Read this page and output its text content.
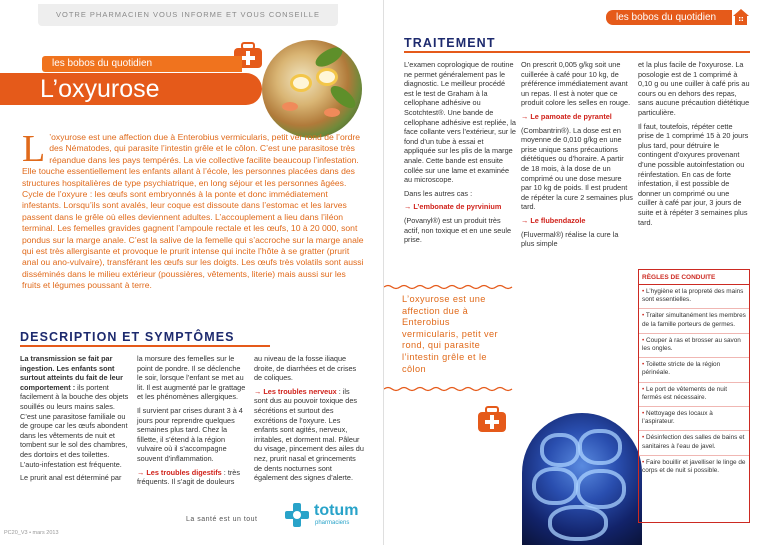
VOTRE PHARMACIEN VOUS INFORME ET VOUS CONSEILLE
les bobos du quotidien
L’oxyurose
L ’oxyurose est une affection due à Enterobius vermicularis, petit ver rond de l’ordre des Nématodes, qui parasite l’intestin grêle et le côlon. C’est une parasitose très répandue dans les pays tempérés. La vie collective facilite beaucoup l’infestation. Elle touche essentiellement les enfants allant à l’école, les personnes placées dans des structures hospitalières de type psychiatrique, en long séjour et les personnes âgées. Cycle de l’oxyure : les œufs sont embryonnés à la ponte et donc immédiatement infestants. Lorsqu’ils sont avalés, leur coque est dissoute dans l’estomac et les larves passent dans le grêle où elles deviennent adultes. L’accouplement a lieu dans l’iléon terminal. Les femelles gravides gagnent l’ampoule rectale et les œufs, 10 à 20 000, sont pondus sur la marge anale. C’est la salive de la femelle qui s’accroche sur la marge anale qui est très allergisante et provoque le prurit intense qui incite l’hôte à se gratter (prurit anal ou ano-vulvaire), transférant les œufs sur les doigts. Les œufs très volatils sont aussi disséminés dans le milieu extérieur (poussières, vêtements, literie) mais aussi sur les fruits et légumes poussant à terre.
DESCRIPTION ET SYMPTÔMES

La transmission se fait par ingestion. Les enfants sont surtout atteints du fait de leur comportement : ils portent facilement à la bouche des objets souillés ou leurs mains sales. C’est une parasitose familiale ou de groupe car les œufs abondent dans les vêtements de nuit et tombent sur le sol des chambres, des dortoirs et des toilettes. L’auto-infestation est fréquente.

Le prurit anal est déterminé par

la morsure des femelles sur le point de pondre. Il se déclenche le soir, lorsque l’enfant se met au lit. Il est augmenté par le grattage et les phénomènes allergiques.

Il survient par crises durant 3 à 4 jours pour reprendre quelques semaines plus tard. Chez la fillette, il s’étend à la région vulvaire où il s’accompagne souvent d’inflammation.

→ Les troubles digestifs : très fréquents. Il s’agit de douleurs

au niveau de la fosse iliaque droite, de diarrhées et de crises de coliques.

→ Les troubles nerveux : ils sont dus au pouvoir toxique des sécrétions et surtout des excrétions de l’oxyure. Les enfants sont agités, nerveux, irritables, et dorment mal. Pâleur du visage, pincement des ailes du nez, prurit nasal et grincements de dents nocturnes sont également des signes d’alerte.

PC20_V3 • mars 2013
La santé est un tout
totum
pharmaciens
les bobos du quotidien
TRAITEMENT

L’examen coprologique de routine ne permet généralement pas le diagnostic. Le meilleur procédé est le test de Graham à la cellophane adhésive ou Scotchtest®. Une bande de cellophane adhésive est repliée, la face collante vers l’extérieur, sur le fond d’un tube à essai et appliquée sur les plis de la marge anale. Cette bande est ensuite collée sur une lame et examinée au microscope.

Dans les autres cas :

→ L’embonate de pyrvinium

(Povanyl®) est un produit très actif, non toxique et en une seule prise.

On prescrit 0,005 g/kg soit une cuillerée à café pour 10 kg, de préférence immédiatement avant un repas. Il est à noter que ce produit colore les selles en rouge.

→ Le pamoate de pyrantel

(Combantrin®). La dose est en moyenne de 0,010 g/kg en une prise unique sans précautions diététiques ou d’horaire. A partir de 18 mois, à la dose de un comprimé ou une dose mesure par 10 kg de poids. Il est prudent de répéter la cure 2 semaines plus tard.

→ Le flubendazole

(Fluvermal®) réalise la cure la plus simple

et la plus facile de l’oxyurose. La posologie est de 1 comprimé à 0,10 g ou une cuiller à café pris au cours ou en dehors des repas, sans aucune précaution diététique particulière.

Il faut, toutefois, répéter cette prise de 1 comprimé 15 à 20 jours plus tard, pour détruire le contingent d’oxyures provenant d’une possible autoinfestation ou réinfestation. En cas de forte infestation, il est possible de donner un comprimé ou une cuiller à café par jour, 3 jours de suite et à répéter 3 semaines plus tard.

L’oxyurose est une affection due à Enterobius vermicularis, petit ver rond, qui parasite l’intestin grêle et le côlon
RÈGLES DE CONDUITE
• L’hygiène et la propreté des mains sont essentielles.
• Traiter simultanément les membres de la famille porteurs de germes.
• Couper à ras et brosser au savon les ongles.
• Toilette stricte de la région périnéale.
• Le port de vêtements de nuit fermés est nécessaire.
• Nettoyage des locaux à l’aspirateur.
• Désinfection des salles de bains et sanitaires à l’eau de javel.
• Faire bouillir et javelliser le linge de corps et de nuit si possible.
